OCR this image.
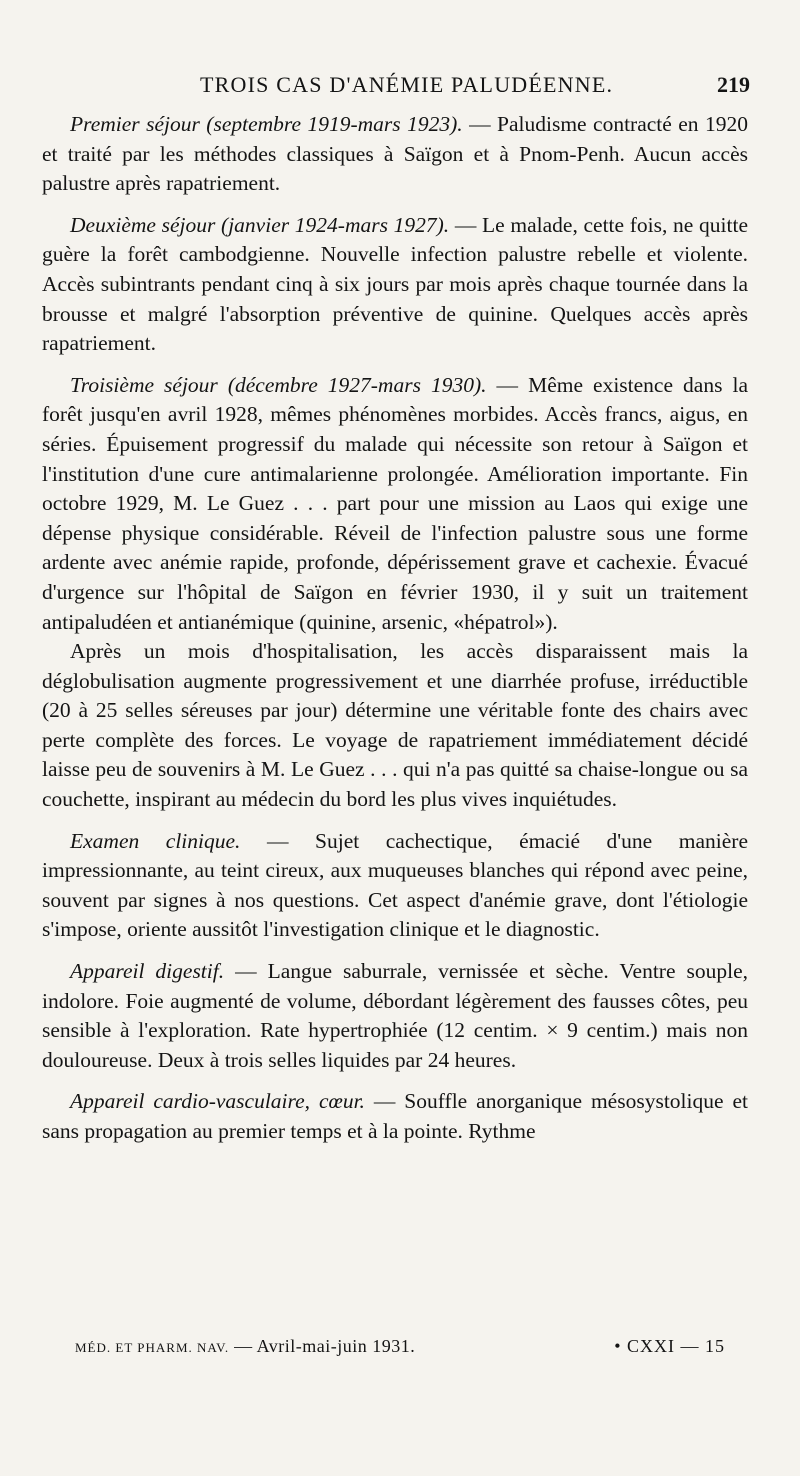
TROIS CAS D'ANÉMIE PALUDÉENNE.	219

Premier séjour (septembre 1919-mars 1923). — Paludisme contracté en 1920 et traité par les méthodes classiques à Saïgon et à Pnom-Penh. Aucun accès palustre après rapatriement.

Deuxième séjour (janvier 1924-mars 1927). — Le malade, cette fois, ne quitte guère la forêt cambodgienne. Nouvelle infection palustre rebelle et violente. Accès subintrants pendant cinq à six jours par mois après chaque tournée dans la brousse et malgré l'absorption préventive de quinine. Quelques accès après rapatriement.

Troisième séjour (décembre 1927-mars 1930). — Même existence dans la forêt jusqu'en avril 1928, mêmes phénomènes morbides. Accès francs, aigus, en séries. Épuisement progressif du malade qui nécessite son retour à Saïgon et l'institution d'une cure antimalarienne prolongée. Amélioration importante. Fin octobre 1929, M. Le Guez . . . part pour une mission au Laos qui exige une dépense physique considérable. Réveil de l'infection palustre sous une forme ardente avec anémie rapide, profonde, dépérissement grave et cachexie. Évacué d'urgence sur l'hôpital de Saïgon en février 1930, il y suit un traitement antipaludéen et antianémique (quinine, arsenic, «hépatrol»).

Après un mois d'hospitalisation, les accès disparaissent mais la déglobulisation augmente progressivement et une diarrhée profuse, irréductible (20 à 25 selles séreuses par jour) détermine une véritable fonte des chairs avec perte complète des forces. Le voyage de rapatriement immédiatement décidé laisse peu de souvenirs à M. Le Guez . . . qui n'a pas quitté sa chaise-longue ou sa couchette, inspirant au médecin du bord les plus vives inquiétudes.

Examen clinique. — Sujet cachectique, émacié d'une manière impressionnante, au teint cireux, aux muqueuses blanches qui répond avec peine, souvent par signes à nos questions. Cet aspect d'anémie grave, dont l'étiologie s'impose, oriente aussitôt l'investigation clinique et le diagnostic.

Appareil digestif. — Langue saburrale, vernissée et sèche. Ventre souple, indolore. Foie augmenté de volume, débordant légèrement des fausses côtes, peu sensible à l'exploration. Rate hypertrophiée (12 centim. × 9 centim.) mais non douloureuse. Deux à trois selles liquides par 24 heures.

Appareil cardio-vasculaire, cœur. — Souffle anorganique mésosystolique et sans propagation au premier temps et à la pointe. Rythme

MÉD. ET PHARM. NAV. — Avril-mai-juin 1931.	• CXXI — 15
